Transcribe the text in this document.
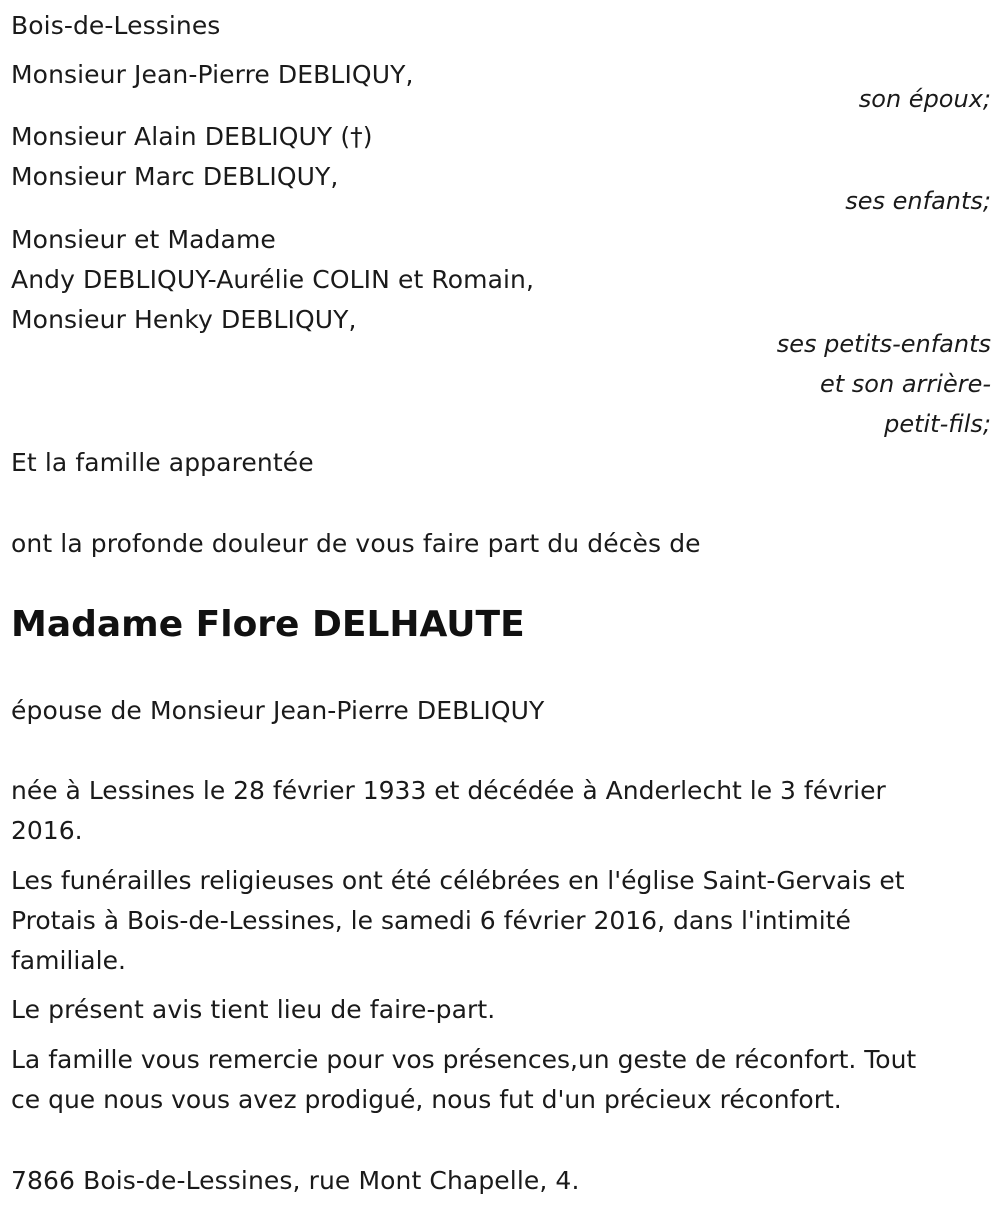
Bois-de-Lessines
Monsieur Jean-Pierre DEBLIQUY,
son époux;
Monsieur Alain DEBLIQUY (†)
Monsieur Marc DEBLIQUY,
ses enfants;
Monsieur et Madame
Andy DEBLIQUY-Aurélie COLIN et Romain,
Monsieur Henky DEBLIQUY,
ses petits-enfants
et son arrière-
petit-fils;
Et la famille apparentée
ont la profonde douleur de vous faire part du décès de
Madame Flore DELHAUTE
épouse de Monsieur Jean-Pierre DEBLIQUY
née à Lessines le 28 février 1933 et décédée à Anderlecht le 3 février
2016.
Les funérailles religieuses ont été célébrées en l'église Saint-Gervais et
Protais à Bois-de-Lessines, le samedi 6 février 2016, dans l'intimité
familiale.
Le présent avis tient lieu de faire-part.
La famille vous remercie pour vos présences,un geste de réconfort. Tout
ce que nous vous avez prodigué, nous fut d'un précieux réconfort.
7866 Bois-de-Lessines, rue Mont Chapelle, 4.
